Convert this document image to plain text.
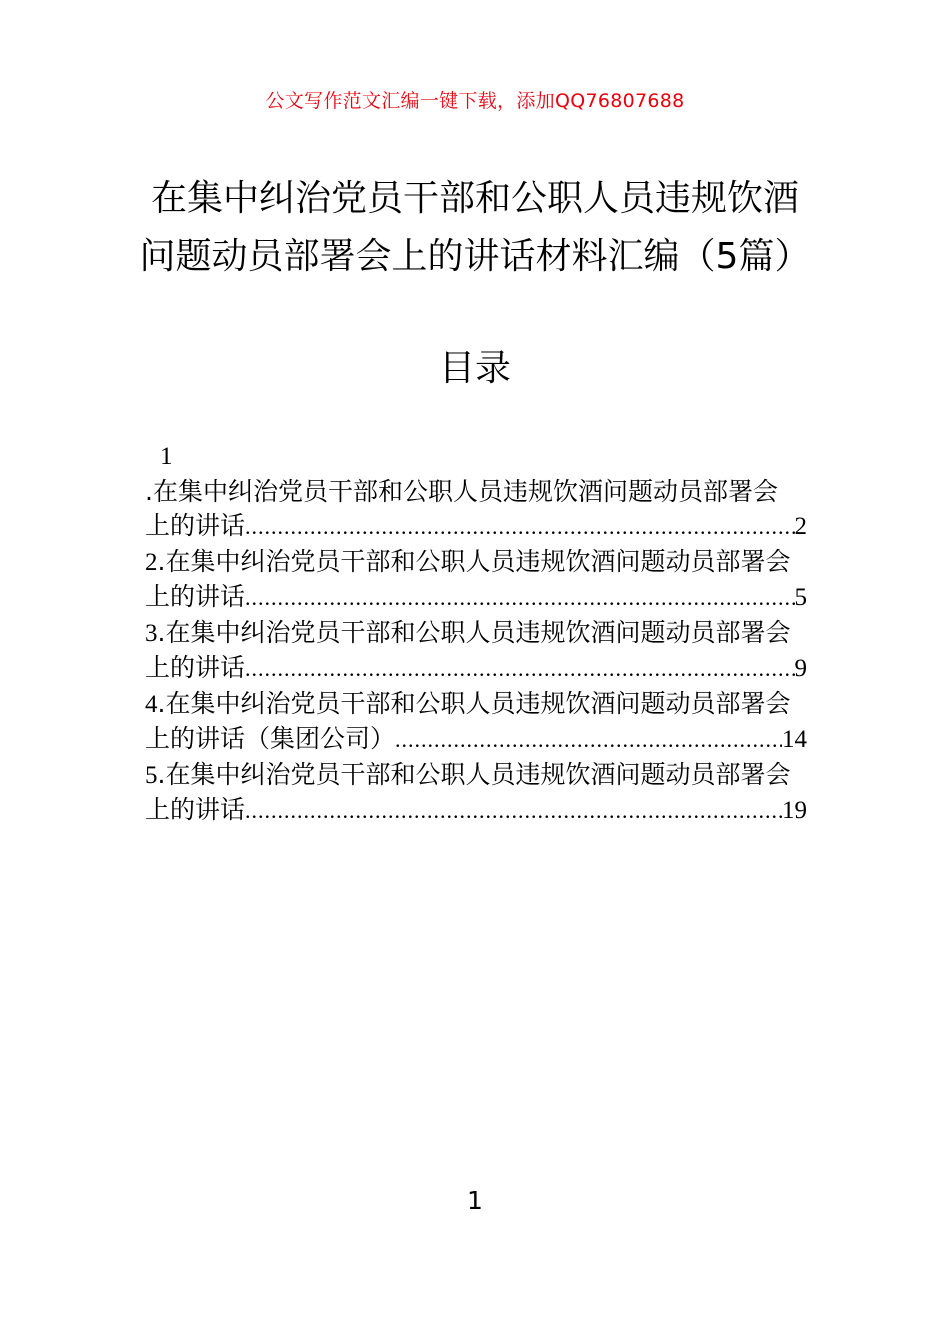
公文写作范文汇编一键下载，添加QQ76807688
在集中纠治党员干部和公职人员违规饮酒
问题动员部署会上的讲话材料汇编（5篇）
目录
1
.在集中纠治党员干部和公职人员违规饮酒问题动员部署会
上的讲话 .....	2
2.在集中纠治党员干部和公职人员违规饮酒问题动员部署会
上的讲话 .....	5
3.在集中纠治党员干部和公职人员违规饮酒问题动员部署会
上的讲话 .....	9
4.在集中纠治党员干部和公职人员违规饮酒问题动员部署会
上的讲话（集团公司） .....	14
5.在集中纠治党员干部和公职人员违规饮酒问题动员部署会
上的讲话 .....	19
1
